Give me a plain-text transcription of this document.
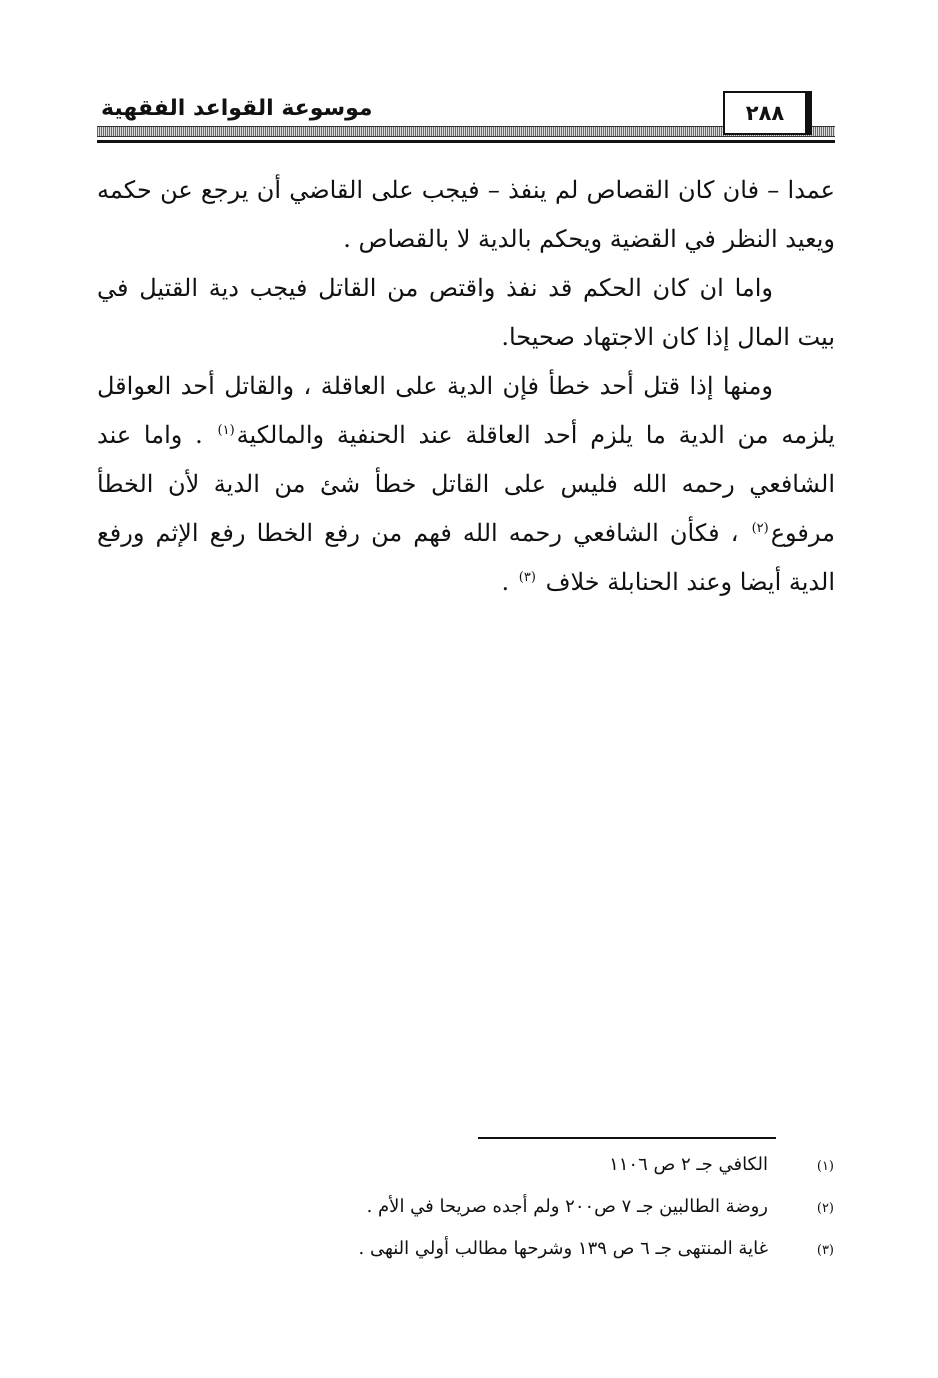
موسوعة القواعد الفقهية	٢٨٨

عمدا – فان كان القصاص لم ينفذ – فيجب على القاضي أن يرجع عن حكمه ويعيد النظر في القضية ويحكم بالدية لا بالقصاص .

واما ان كان الحكم قد نفذ واقتص من القاتل فيجب دية القتيل في بيت المال إذا كان الاجتهاد صحيحا.

ومنها إذا قتل أحد خطأ فإن الدية على العاقلة ، والقاتل أحد العواقل يلزمه من الدية ما يلزم أحد العاقلة عند الحنفية والمالكية$^{(١)}$ . واما عند الشافعي رحمه الله فليس على القاتل خطأ شئ من الدية لأن الخطأ مرفوع$^{(٢)}$ ، فكأن الشافعي رحمه الله فهم من رفع الخطا رفع الإثم ورفع الدية أيضا وعند الحنابلة خلاف $^{(٣)}$ .

(١)
الكافي جـ ٢ ص ١١٠٦
(٢)
روضة الطالبين جـ ٧ ص٢٠٠ ولم أجده صريحا في الأم .
(٣)
غاية المنتهى جـ ٦ ص ١٣٩ وشرحها مطالب أولي النهى .
